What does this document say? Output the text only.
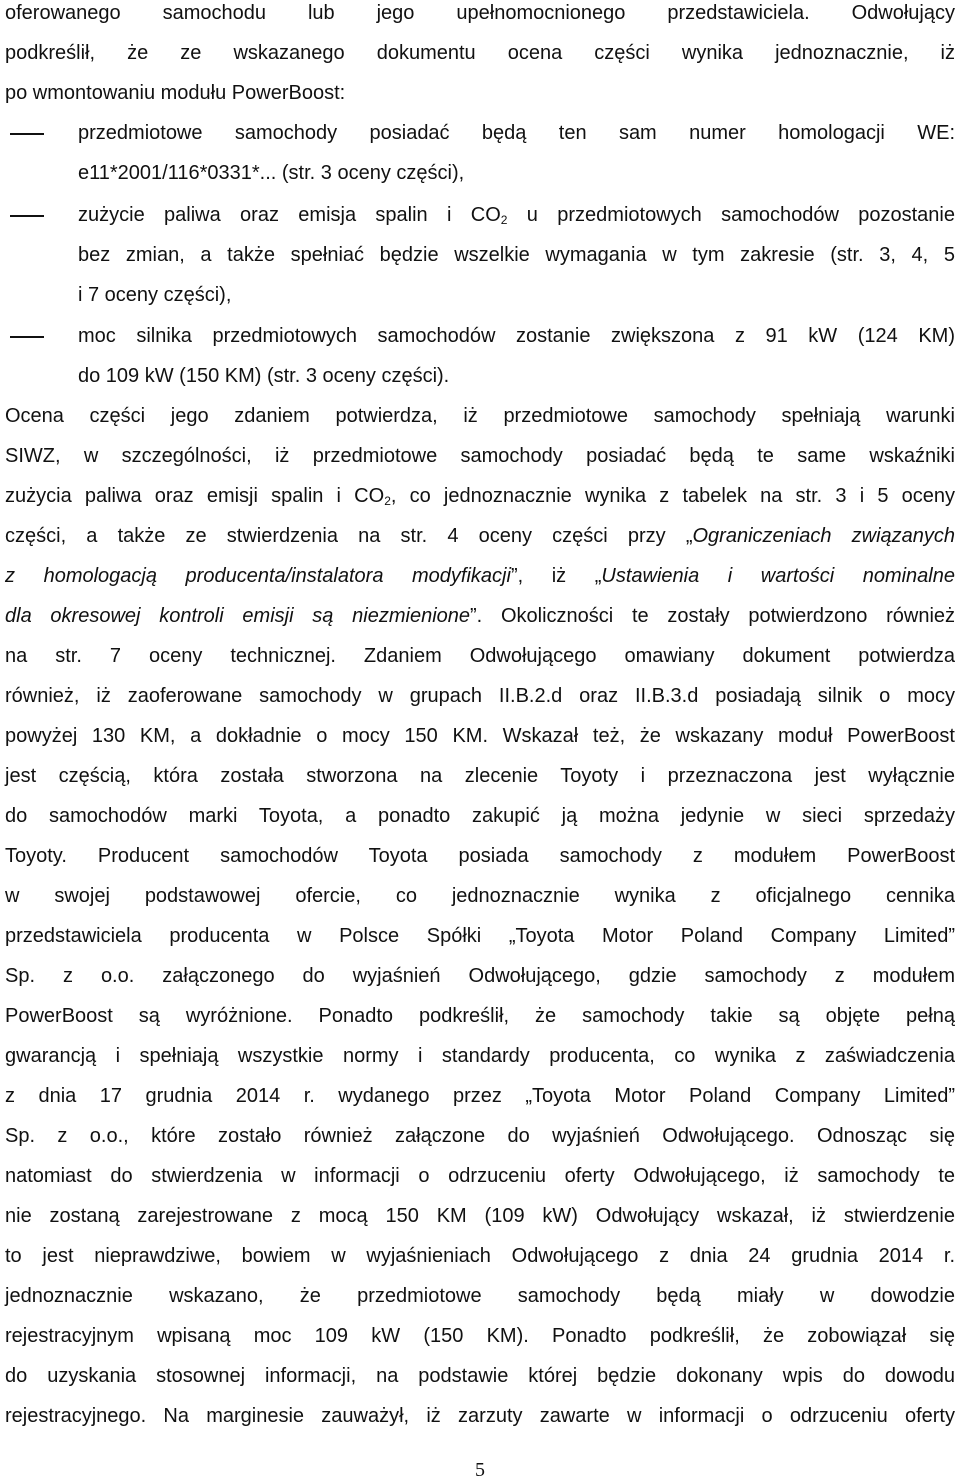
oferowanego samochodu lub jego upełnomocnionego przedstawiciela. Odwołujący
podkreślił, że ze wskazanego dokumentu ocena części wynika jednoznacznie, iż
po wmontowaniu modułu PowerBoost:
przedmiotowe samochody posiadać będą ten sam numer homologacji WE:
e11*2001/116*0331*... (str. 3 oceny części),
zużycie paliwa oraz emisja spalin i $CO_2$ u przedmiotowych samochodów pozostanie
bez zmian, a także spełniać będzie wszelkie wymagania w tym zakresie (str. 3, 4, 5
i 7 oceny części),
moc silnika przedmiotowych samochodów zostanie zwiększona z 91 kW (124 KM)
do 109 kW (150 KM) (str. 3 oceny części).
Ocena części jego zdaniem potwierdza, iż przedmiotowe samochody spełniają warunki
SIWZ, w szczególności, iż przedmiotowe samochody posiadać będą te same wskaźniki
zużycia paliwa oraz emisji spalin i $CO_2$, co jednoznacznie wynika z tabelek na str. 3 i 5 oceny
części, a także ze stwierdzenia na str. 4 oceny części przy „Ograniczeniach związanych
z homologacją producenta/instalatora modyfikacji”, iż „Ustawienia i wartości nominalne
dla okresowej kontroli emisji są niezmienione”. Okoliczności te zostały potwierdzono również
na str. 7 oceny technicznej. Zdaniem Odwołującego omawiany dokument potwierdza
również, iż zaoferowane samochody w grupach II.B.2.d oraz II.B.3.d posiadają silnik o mocy
powyżej 130 KM, a dokładnie o mocy 150 KM. Wskazał też, że wskazany moduł PowerBoost
jest częścią, która została stworzona na zlecenie Toyoty i przeznaczona jest wyłącznie
do samochodów marki Toyota, a ponadto zakupić ją można jedynie w sieci sprzedaży
Toyoty. Producent samochodów Toyota posiada samochody z modułem PowerBoost
w swojej podstawowej ofercie, co jednoznacznie wynika z oficjalnego cennika
przedstawiciela producenta w Polsce Spółki „Toyota Motor Poland Company Limited”
Sp. z o.o. załączonego do wyjaśnień Odwołującego, gdzie samochody z modułem
PowerBoost są wyróżnione. Ponadto podkreślił, że samochody takie są objęte pełną
gwarancją i spełniają wszystkie normy i standardy producenta, co wynika z zaświadczenia
z dnia 17 grudnia 2014 r. wydanego przez „Toyota Motor Poland Company Limited”
Sp. z o.o., które zostało również załączone do wyjaśnień Odwołującego. Odnosząc się
natomiast do stwierdzenia w informacji o odrzuceniu oferty Odwołującego, iż samochody te
nie zostaną zarejestrowane z mocą 150 KM (109 kW) Odwołujący wskazał, iż stwierdzenie
to jest nieprawdziwe, bowiem w wyjaśnieniach Odwołującego z dnia 24 grudnia 2014 r.
jednoznacznie wskazano, że przedmiotowe samochody będą miały w dowodzie
rejestracyjnym wpisaną moc 109 kW (150 KM). Ponadto podkreślił, że zobowiązał się
do uzyskania stosownej informacji, na podstawie której będzie dokonany wpis do dowodu
rejestracyjnego. Na marginesie zauważył, iż zarzuty zawarte w informacji o odrzuceniu oferty
5
